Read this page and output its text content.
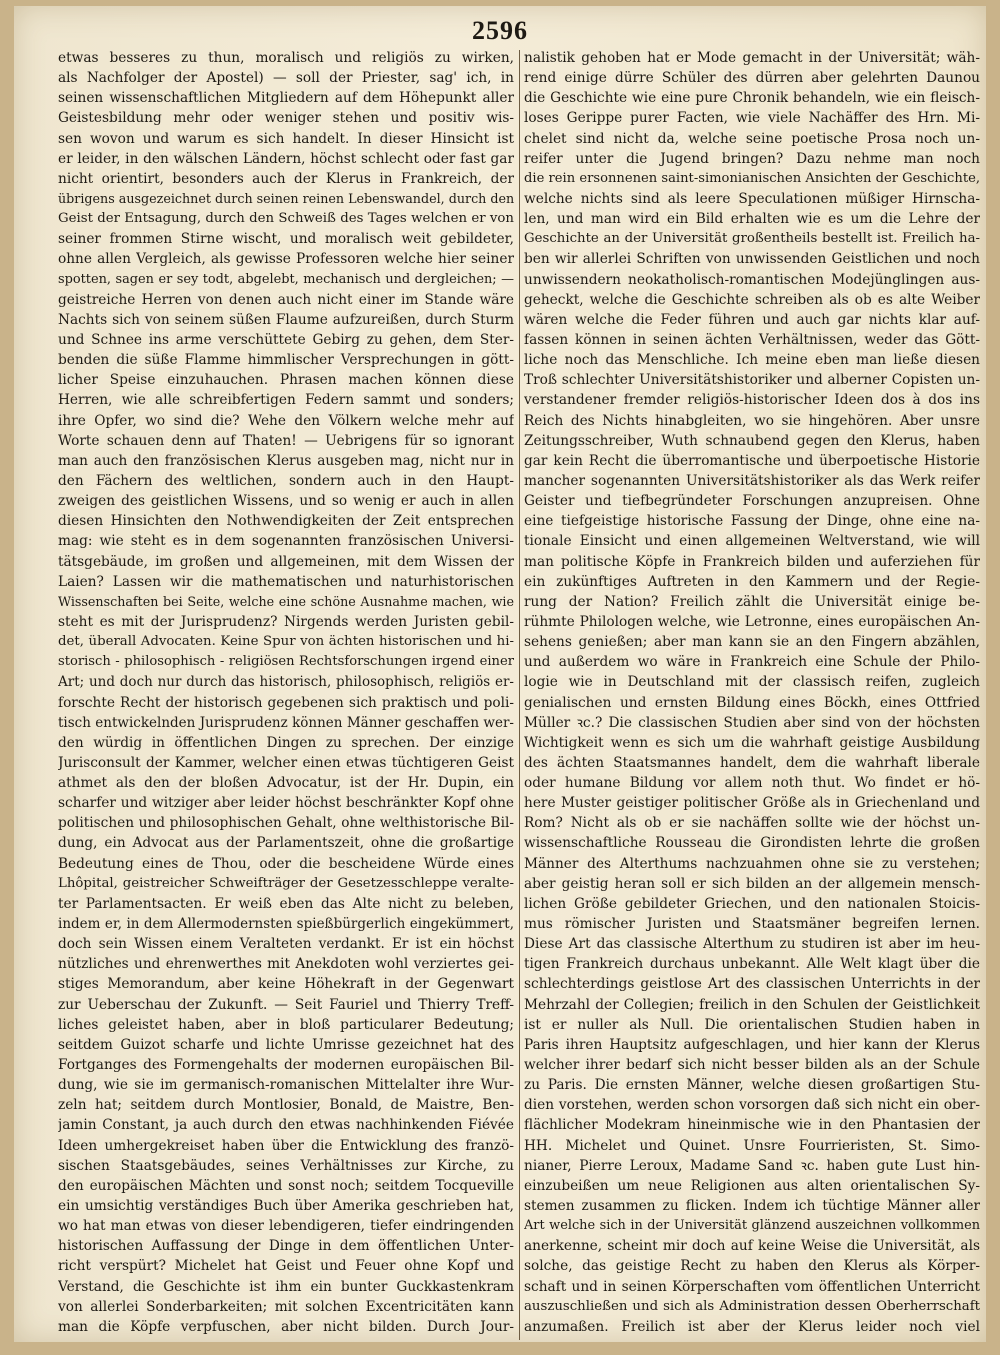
2596
etwas besseres zu thun, moralisch und religiös zu wirken,
als Nachfolger der Apostel) — soll der Priester, sag' ich, in
seinen wissenschaftlichen Mitgliedern auf dem Höhepunkt aller
Geistesbildung mehr oder weniger stehen und positiv wis-
sen wovon und warum es sich handelt. In dieser Hinsicht ist
er leider, in den wälschen Ländern, höchst schlecht oder fast gar
nicht orientirt, besonders auch der Klerus in Frankreich, der
übrigens ausgezeichnet durch seinen reinen Lebenswandel, durch den
Geist der Entsagung, durch den Schweiß des Tages welchen er von
seiner frommen Stirne wischt, und moralisch weit gebildeter,
ohne allen Vergleich, als gewisse Professoren welche hier seiner
spotten, sagen er sey todt, abgelebt, mechanisch und dergleichen; —
geistreiche Herren von denen auch nicht einer im Stande wäre
Nachts sich von seinem süßen Flaume aufzureißen, durch Sturm
und Schnee ins arme verschüttete Gebirg zu gehen, dem Ster-
benden die süße Flamme himmlischer Versprechungen in gött-
licher Speise einzuhauchen. Phrasen machen können diese
Herren, wie alle schreibfertigen Federn sammt und sonders;
ihre Opfer, wo sind die? Wehe den Völkern welche mehr auf
Worte schauen denn auf Thaten! — Uebrigens für so ignorant
man auch den französischen Klerus ausgeben mag, nicht nur in
den Fächern des weltlichen, sondern auch in den Haupt-
zweigen des geistlichen Wissens, und so wenig er auch in allen
diesen Hinsichten den Nothwendigkeiten der Zeit entsprechen
mag: wie steht es in dem sogenannten französischen Universi-
tätsgebäude, im großen und allgemeinen, mit dem Wissen der
Laien? Lassen wir die mathematischen und naturhistorischen
Wissenschaften bei Seite, welche eine schöne Ausnahme machen, wie
steht es mit der Jurisprudenz? Nirgends werden Juristen gebil-
det, überall Advocaten. Keine Spur von ächten historischen und hi-
storisch - philosophisch - religiösen Rechtsforschungen irgend einer
Art; und doch nur durch das historisch, philosophisch, religiös er-
forschte Recht der historisch gegebenen sich praktisch und poli-
tisch entwickelnden Jurisprudenz können Männer geschaffen wer-
den würdig in öffentlichen Dingen zu sprechen. Der einzige
Jurisconsult der Kammer, welcher einen etwas tüchtigeren Geist
athmet als den der bloßen Advocatur, ist der Hr. Dupin, ein
scharfer und witziger aber leider höchst beschränkter Kopf ohne
politischen und philosophischen Gehalt, ohne welthistorische Bil-
dung, ein Advocat aus der Parlamentszeit, ohne die großartige
Bedeutung eines de Thou, oder die bescheidene Würde eines
Lhôpital, geistreicher Schweifträger der Gesetzesschleppe veralte-
ter Parlamentsacten. Er weiß eben das Alte nicht zu beleben,
indem er, in dem Allermodernsten spießbürgerlich eingekümmert,
doch sein Wissen einem Veralteten verdankt. Er ist ein höchst
nützliches und ehrenwerthes mit Anekdoten wohl verziertes gei-
stiges Memorandum, aber keine Höhekraft in der Gegenwart
zur Ueberschau der Zukunft. — Seit Fauriel und Thierry Treff-
liches geleistet haben, aber in bloß particularer Bedeutung;
seitdem Guizot scharfe und lichte Umrisse gezeichnet hat des
Fortganges des Formengehalts der modernen europäischen Bil-
dung, wie sie im germanisch-romanischen Mittelalter ihre Wur-
zeln hat; seitdem durch Montlosier, Bonald, de Maistre, Ben-
jamin Constant, ja auch durch den etwas nachhinkenden Fiévée
Ideen umhergekreiset haben über die Entwicklung des franzö-
sischen Staatsgebäudes, seines Verhältnisses zur Kirche, zu
den europäischen Mächten und sonst noch; seitdem Tocqueville
ein umsichtig verständiges Buch über Amerika geschrieben hat,
wo hat man etwas von dieser lebendigeren, tiefer eindringenden
historischen Auffassung der Dinge in dem öffentlichen Unter-
richt verspürt? Michelet hat Geist und Feuer ohne Kopf und
Verstand, die Geschichte ist ihm ein bunter Guckkastenkram
von allerlei Sonderbarkeiten; mit solchen Excentricitäten kann
man die Köpfe verpfuschen, aber nicht bilden. Durch Jour-
nalistik gehoben hat er Mode gemacht in der Universität; wäh-
rend einige dürre Schüler des dürren aber gelehrten Daunou
die Geschichte wie eine pure Chronik behandeln, wie ein fleisch-
loses Gerippe purer Facten, wie viele Nachäffer des Hrn. Mi-
chelet sind nicht da, welche seine poetische Prosa noch un-
reifer unter die Jugend bringen? Dazu nehme man noch
die rein ersonnenen saint-simonianischen Ansichten der Geschichte,
welche nichts sind als leere Speculationen müßiger Hirnscha-
len, und man wird ein Bild erhalten wie es um die Lehre der
Geschichte an der Universität großentheils bestellt ist. Freilich ha-
ben wir allerlei Schriften von unwissenden Geistlichen und noch
unwissendern neokatholisch-romantischen Modejünglingen aus-
geheckt, welche die Geschichte schreiben als ob es alte Weiber
wären welche die Feder führen und auch gar nichts klar auf-
fassen können in seinen ächten Verhältnissen, weder das Gött-
liche noch das Menschliche. Ich meine eben man ließe diesen
Troß schlechter Universitätshistoriker und alberner Copisten un-
verstandener fremder religiös-historischer Ideen dos à dos ins
Reich des Nichts hinabgleiten, wo sie hingehören. Aber unsre
Zeitungsschreiber, Wuth schnaubend gegen den Klerus, haben
gar kein Recht die überromantische und überpoetische Historie
mancher sogenannten Universitätshistoriker als das Werk reifer
Geister und tiefbegründeter Forschungen anzupreisen. Ohne
eine tiefgeistige historische Fassung der Dinge, ohne eine na-
tionale Einsicht und einen allgemeinen Weltverstand, wie will
man politische Köpfe in Frankreich bilden und auferziehen für
ein zukünftiges Auftreten in den Kammern und der Regie-
rung der Nation? Freilich zählt die Universität einige be-
rühmte Philologen welche, wie Letronne, eines europäischen An-
sehens genießen; aber man kann sie an den Fingern abzählen,
und außerdem wo wäre in Frankreich eine Schule der Philo-
logie wie in Deutschland mit der classisch reifen, zugleich
genialischen und ernsten Bildung eines Böckh, eines Ottfried
Müller ꝛc.? Die classischen Studien aber sind von der höchsten
Wichtigkeit wenn es sich um die wahrhaft geistige Ausbildung
des ächten Staatsmannes handelt, dem die wahrhaft liberale
oder humane Bildung vor allem noth thut. Wo findet er hö-
here Muster geistiger politischer Größe als in Griechenland und
Rom? Nicht als ob er sie nachäffen sollte wie der höchst un-
wissenschaftliche Rousseau die Girondisten lehrte die großen
Männer des Alterthums nachzuahmen ohne sie zu verstehen;
aber geistig heran soll er sich bilden an der allgemein mensch-
lichen Größe gebildeter Griechen, und den nationalen Stoicis-
mus römischer Juristen und Staatsmäner begreifen lernen.
Diese Art das classische Alterthum zu studiren ist aber im heu-
tigen Frankreich durchaus unbekannt. Alle Welt klagt über die
schlechterdings geistlose Art des classischen Unterrichts in der
Mehrzahl der Collegien; freilich in den Schulen der Geistlichkeit
ist er nuller als Null. Die orientalischen Studien haben in
Paris ihren Hauptsitz aufgeschlagen, und hier kann der Klerus
welcher ihrer bedarf sich nicht besser bilden als an der Schule
zu Paris. Die ernsten Männer, welche diesen großartigen Stu-
dien vorstehen, werden schon vorsorgen daß sich nicht ein ober-
flächlicher Modekram hineinmische wie in den Phantasien der
HH. Michelet und Quinet. Unsre Fourrieristen, St. Simo-
nianer, Pierre Leroux, Madame Sand ꝛc. haben gute Lust hin-
einzubeißen um neue Religionen aus alten orientalischen Sy-
stemen zusammen zu flicken. Indem ich tüchtige Männer aller
Art welche sich in der Universität glänzend auszeichnen vollkommen
anerkenne, scheint mir doch auf keine Weise die Universität, als
solche, das geistige Recht zu haben den Klerus als Körper-
schaft und in seinen Körperschaften vom öffentlichen Unterricht
auszuschließen und sich als Administration dessen Oberherrschaft
anzumaßen. Freilich ist aber der Klerus leider noch viel
